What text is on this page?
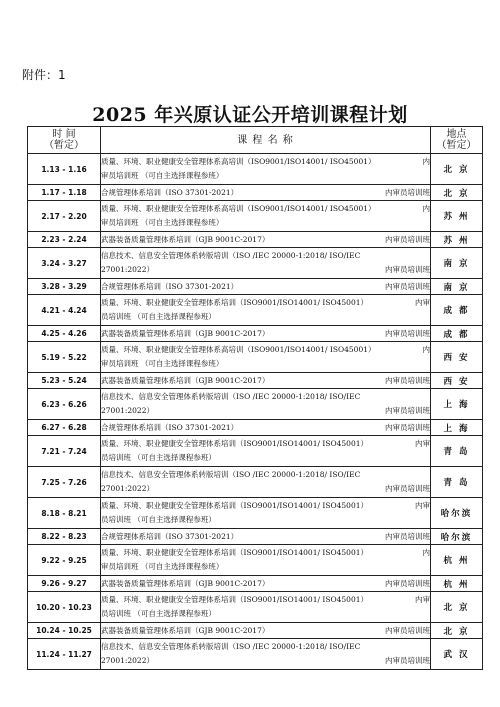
附件：1
2025 年兴原认证公开培训课程计划
时 间
（暂定）	课 程 名 称	地点
（暂定）
1.13 - 1.16	质量、环境、职业健康安全管理体系高培训（ISO9001/ISO14001/ ISO45001） 内
审员培训班 （可自主选择课程参班）	北 京
1.17 - 1.18	合规管理体系培训（ISO 37301-2021） 内审员培训班	北 京
2.17 - 2.20	质量、环境、职业健康安全管理体系高培训（ISO9001/ISO14001/ ISO45001） 内
审员培训班 （可自主选择课程参班）	苏 州
2.23 - 2.24	武器装备质量管理体系培训（GJB 9001C-2017） 内审员培训班	苏 州
3.24 - 3.27	信息技术、信息安全管理体系转版培训（ISO /IEC 20000-1:2018/ ISO/IEC
27001:2022） 内审员培训班	南 京
3.28 - 3.29	合规管理体系培训（ISO 37301-2021） 内审员培训班	南 京
4.21 - 4.24	质量、环境、职业健康安全管理体系培训（ISO9001/ISO14001/ ISO45001） 内审
员培训班 （可自主选择课程参班）	成 都
4.25 - 4.26	武器装备质量管理体系培训（GJB 9001C-2017） 内审员培训班	成 都
5.19 - 5.22	质量、环境、职业健康安全管理体系高培训（ISO9001/ISO14001/ ISO45001） 内
审员培训班 （可自主选择课程参班）	西 安
5.23 - 5.24	武器装备质量管理体系培训（GJB 9001C-2017） 内审员培训班	西 安
6.23 - 6.26	信息技术、信息安全管理体系转版培训（ISO /IEC 20000-1:2018/ ISO/IEC
27001:2022） 内审员培训班	上 海
6.27 - 6.28	合规管理体系培训（ISO 37301-2021） 内审员培训班	上 海
7.21 - 7.24	质量、环境、职业健康安全管理体系培训（ISO9001/ISO14001/ ISO45001） 内审
员培训班 （可自主选择课程参班）	青 岛
7.25 - 7.26	信息技术、信息安全管理体系转版培训（ISO /IEC 20000-1:2018/ ISO/IEC
27001:2022） 内审员培训班	青 岛
8.18 - 8.21	质量、环境、职业健康安全管理体系培训（ISO9001/ISO14001/ ISO45001） 内审
员培训班 （可自主选择课程参班）	哈尔滨
8.22 - 8.23	合规管理体系培训（ISO 37301-2021） 内审员培训班	哈尔滨
9.22 - 9.25	质量、环境、职业健康安全管理体系培训（ISO9001/ISO14001/ ISO45001） 内
审员培训班 （可自主选择课程参班）	杭 州
9.26 - 9.27	武器装备质量管理体系培训（GJB 9001C-2017） 内审员培训班	杭 州
10.20 - 10.23	质量、环境、职业健康安全管理体系培训（ISO9001/ISO14001/ ISO45001） 内审
员培训班 （可自主选择课程参班）	北 京
10.24 - 10.25	武器装备质量管理体系培训（GJB 9001C-2017） 内审员培训班	北 京
11.24 - 11.27	信息技术、信息安全管理体系转版培训（ISO /IEC 20000-1:2018/ ISO/IEC
27001:2022） 内审员培训班	武 汉
